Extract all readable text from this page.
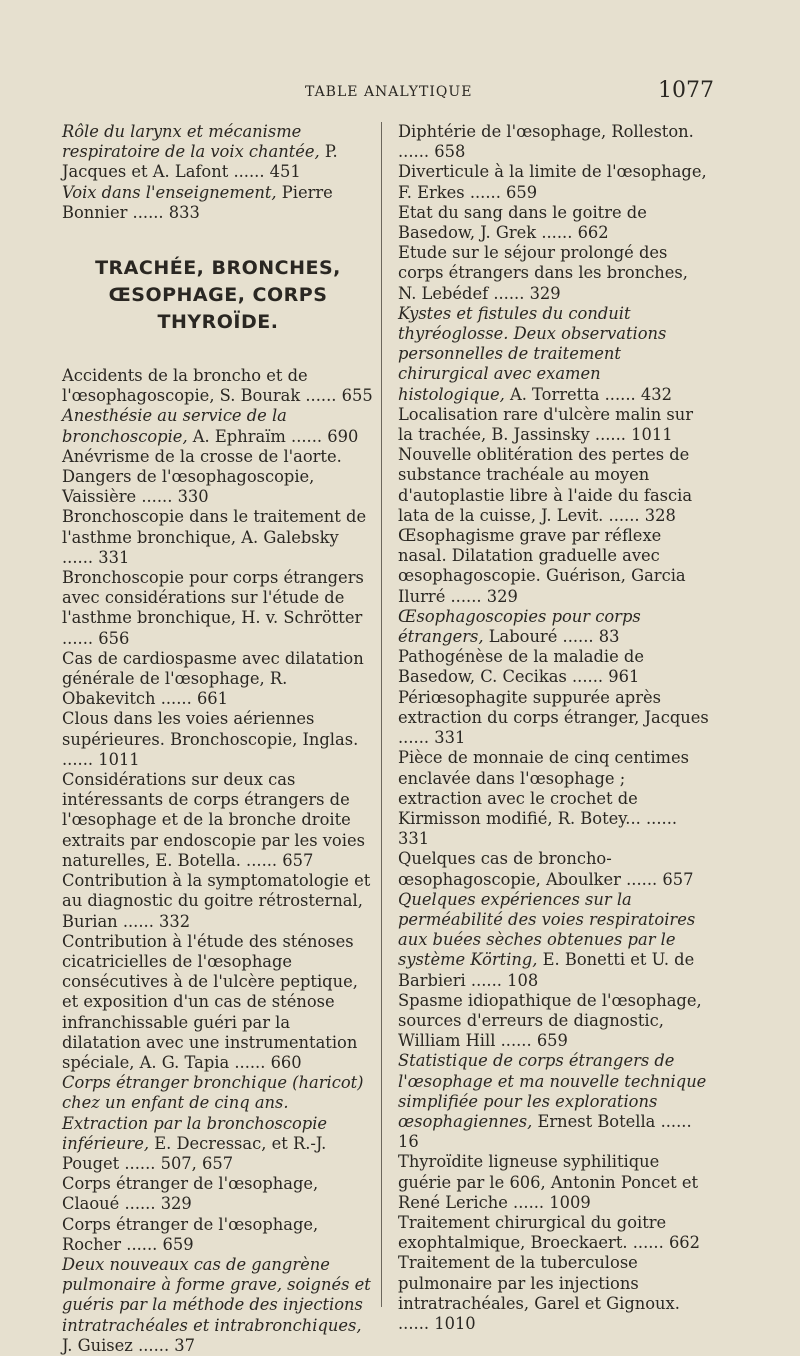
TABLE ANALYTIQUE	1077

Rôle du larynx et mécanisme respiratoire de la voix chantée, P. Jacques et A. Lafont ...... 451

Voix dans l'enseignement, Pierre Bonnier ...... 833

TRACHÉE, BRONCHES, ŒSOPHAGE, CORPS THYROÏDE.

Accidents de la broncho et de l'œsophagoscopie, S. Bourak ...... 655

Anesthésie au service de la bronchoscopie, A. Ephraïm ...... 690

Anévrisme de la crosse de l'aorte. Dangers de l'œsophagoscopie, Vaissière ...... 330

Bronchoscopie dans le traitement de l'asthme bronchique, A. Galebsky ...... 331

Bronchoscopie pour corps étrangers avec considérations sur l'étude de l'asthme bronchique, H. v. Schrötter ...... 656

Cas de cardiospasme avec dilatation générale de l'œsophage, R. Obakevitch ...... 661

Clous dans les voies aériennes supérieures. Bronchoscopie, Inglas. ...... 1011

Considérations sur deux cas intéressants de corps étrangers de l'œsophage et de la bronche droite extraits par endoscopie par les voies naturelles, E. Botella. ...... 657

Contribution à la symptomatologie et au diagnostic du goitre rétrosternal, Burian ...... 332

Contribution à l'étude des sténoses cicatricielles de l'œsophage consécutives à de l'ulcère peptique, et exposition d'un cas de sténose infranchissable guéri par la dilatation avec une instrumentation spéciale, A. G. Tapia ...... 660

Corps étranger bronchique (haricot) chez un enfant de cinq ans. Extraction par la bronchoscopie inférieure, E. Decressac, et R.-J. Pouget ...... 507, 657

Corps étranger de l'œsophage, Claoué ...... 329

Corps étranger de l'œsophage, Rocher ...... 659

Deux nouveaux cas de gangrène pulmonaire à forme grave, soignés et guéris par la méthode des injections intratrachéales et intrabronchiques, J. Guisez ...... 37

Diphtérie de l'œsophage, Rolleston. ...... 658

Diverticule à la limite de l'œsophage, F. Erkes ...... 659

Etat du sang dans le goitre de Basedow, J. Grek ...... 662

Etude sur le séjour prolongé des corps étrangers dans les bronches, N. Lebédef ...... 329

Kystes et fistules du conduit thyréoglosse. Deux observations personnelles de traitement chirurgical avec examen histologique, A. Torretta ...... 432

Localisation rare d'ulcère malin sur la trachée, B. Jassinsky ...... 1011

Nouvelle oblitération des pertes de substance trachéale au moyen d'autoplastie libre à l'aide du fascia lata de la cuisse, J. Levit. ...... 328

Œsophagisme grave par réflexe nasal. Dilatation graduelle avec œsophagoscopie. Guérison, Garcia Ilurré ...... 329

Œsophagoscopies pour corps étrangers, Labouré ...... 83

Pathogénèse de la maladie de Basedow, C. Cecikas ...... 961

Périœsophagite suppurée après extraction du corps étranger, Jacques ...... 331

Pièce de monnaie de cinq centimes enclavée dans l'œsophage ; extraction avec le crochet de Kirmisson modifié, R. Botey... ...... 331

Quelques cas de broncho-œsophagoscopie, Aboulker ...... 657

Quelques expériences sur la perméabilité des voies respiratoires aux buées sèches obtenues par le système Körting, E. Bonetti et U. de Barbieri ...... 108

Spasme idiopathique de l'œsophage, sources d'erreurs de diagnostic, William Hill ...... 659

Statistique de corps étrangers de l'œsophage et ma nouvelle technique simplifiée pour les explorations œsophagiennes, Ernest Botella ...... 16

Thyroïdite ligneuse syphilitique guérie par le 606, Antonin Poncet et René Leriche ...... 1009

Traitement chirurgical du goitre exophtalmique, Broeckaert. ...... 662

Traitement de la tuberculose pulmonaire par les injections intratrachéales, Garel et Gignoux. ...... 1010
